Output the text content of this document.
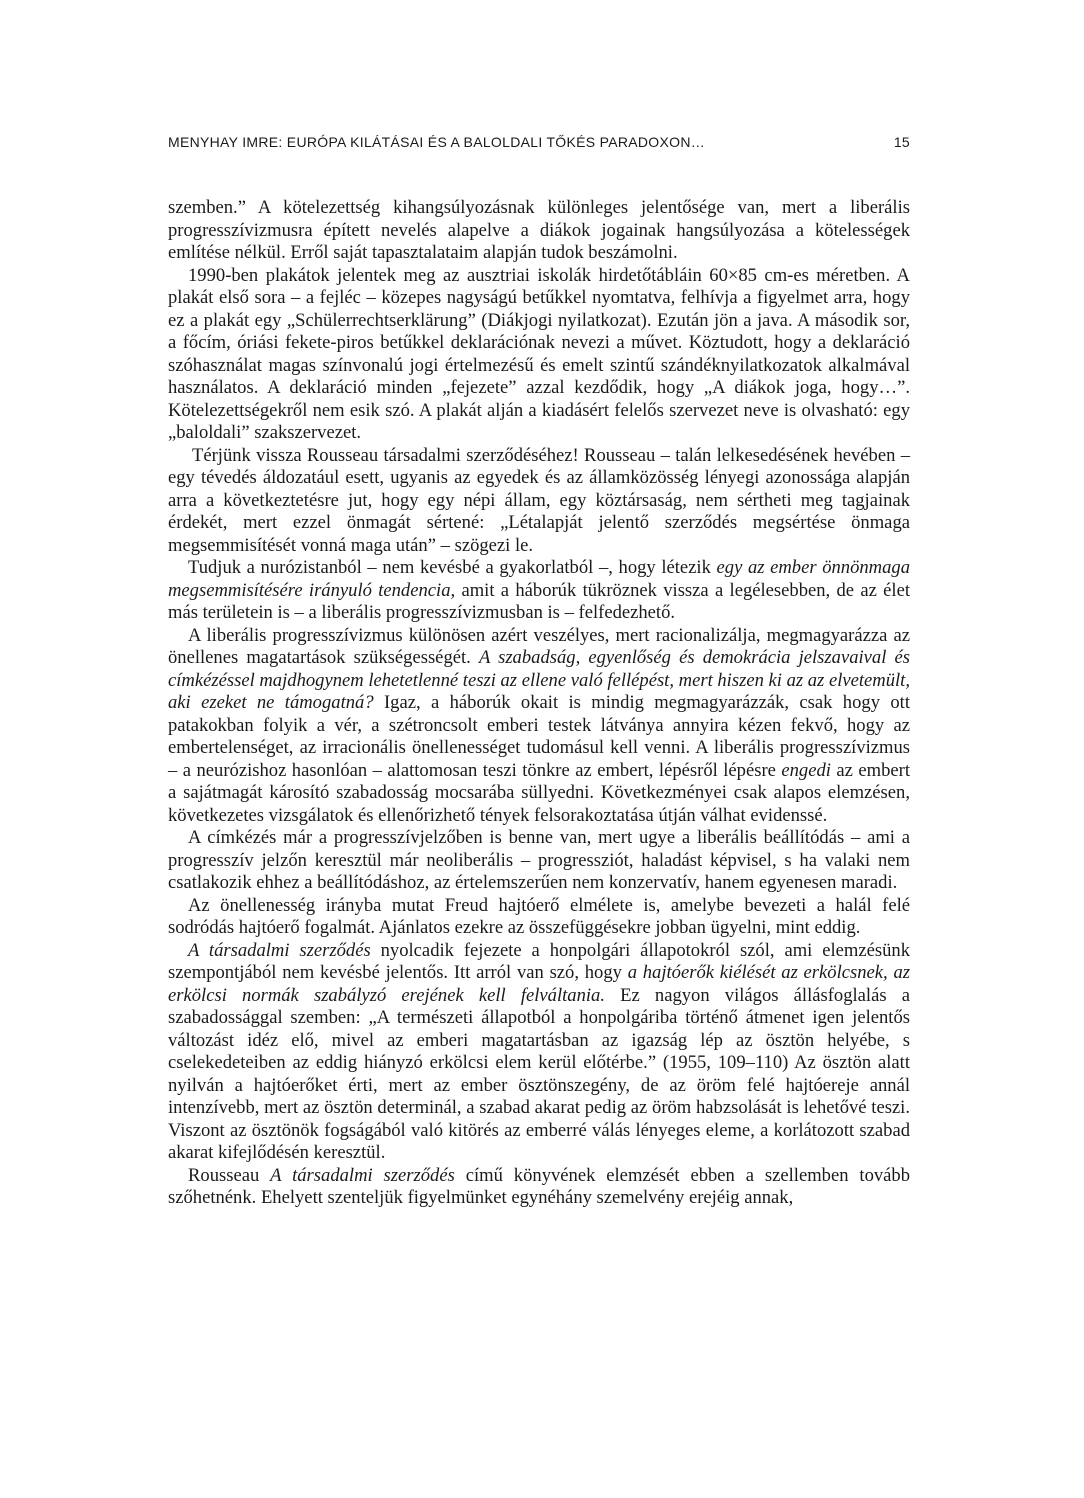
MENYHAY IMRE: EURÓPA KILÁTÁSAI ÉS A BALOLDALI TŐKÉS PARADOXON…	15

szemben.” A kötelezettség kihangsúlyozásnak különleges jelentősége van, mert a liberális progresszívizmusra épített nevelés alapelve a diákok jogainak hangsúlyozása a kötelességek említése nélkül. Erről saját tapasztalataim alapján tudok beszámolni.

1990-ben plakátok jelentek meg az ausztriai iskolák hirdetőtábláin 60×85 cm-es méretben. A plakát első sora – a fejléc – közepes nagyságú betűkkel nyomtatva, felhívja a figyelmet arra, hogy ez a plakát egy „Schülerrechtserklärung” (Diákjogi nyilatkozat). Ezután jön a java. A második sor, a főcím, óriási fekete-piros betűkkel deklarációnak nevezi a művet. Köztudott, hogy a deklaráció szóhasználat magas színvonalú jogi értelmezésű és emelt szintű szándéknyilatkozatok alkalmával használatos. A deklaráció minden „fejezete” azzal kezdődik, hogy „A diákok joga, hogy…”. Kötelezettségekről nem esik szó. A plakát alján a kiadásért felelős szervezet neve is olvasható: egy „baloldali” szakszervezet.

Térjünk vissza Rousseau társadalmi szerződéséhez! Rousseau – talán lelkesedésének hevében – egy tévedés áldozatául esett, ugyanis az egyedek és az államközösség lényegi azonossága alapján arra a következtetésre jut, hogy egy népi állam, egy köztársaság, nem sértheti meg tagjainak érdekét, mert ezzel önmagát sértené: „Létalapját jelentő szerződés megsértése önmaga megsemmisítését vonná maga után” – szögezi le.

Tudjuk a nurózistanból – nem kevésbé a gyakorlatból –, hogy létezik egy az ember önnönmaga megsemmisítésére irányuló tendencia, amit a háborúk tükröznek vissza a legélesebben, de az élet más területein is – a liberális progresszívizmusban is – felfedezhető.

A liberális progresszívizmus különösen azért veszélyes, mert racionalizálja, megmagyarázza az önellenes magatartások szükségességét. A szabadság, egyenlőség és demokrácia jelszavaival és címkézéssel majdhogynem lehetetlenné teszi az ellene való fellépést, mert hiszen ki az az elvetemült, aki ezeket ne támogatná? Igaz, a háborúk okait is mindig megmagyarázzák, csak hogy ott patakokban folyik a vér, a szétroncsolt emberi testek látványa annyira kézen fekvő, hogy az embertelenséget, az irracionális önellenességet tudomásul kell venni. A liberális progresszívizmus – a neurózishoz hasonlóan – alattomosan teszi tönkre az embert, lépésről lépésre engedi az embert a sajátmagát károsító szabadosság mocsarába süllyedni. Következményei csak alapos elemzésen, következetes vizsgálatok és ellenőrizhető tények felsorakoztatása útján válhat evidenssé.

A címkézés már a progresszívjelzőben is benne van, mert ugye a liberális beállítódás – ami a progresszív jelzőn keresztül már neoliberális – progressziót, haladást képvisel, s ha valaki nem csatlakozik ehhez a beállítódáshoz, az értelemszerűen nem konzervatív, hanem egyenesen maradi.

Az önellenesség irányba mutat Freud hajtóerő elmélete is, amelybe bevezeti a halál felé sodródás hajtóerő fogalmát. Ajánlatos ezekre az összefüggésekre jobban ügyelni, mint eddig.

A társadalmi szerződés nyolcadik fejezete a honpolgári állapotokról szól, ami elemzésünk szempontjából nem kevésbé jelentős. Itt arról van szó, hogy a hajtóerők kiélését az erkölcsnek, az erkölcsi normák szabályzó erejének kell felváltania. Ez nagyon világos állásfoglalás a szabadossággal szemben: „A természeti állapotból a honpolgáriba történő átmenet igen jelentős változást idéz elő, mivel az emberi magatartásban az igazság lép az ösztön helyébe, s cselekedeteiben az eddig hiányzó erkölcsi elem kerül előtérbe.” (1955, 109–110) Az ösztön alatt nyilván a hajtóerőket érti, mert az ember ösztönszegény, de az öröm felé hajtóereje annál intenzívebb, mert az ösztön determinál, a szabad akarat pedig az öröm habzsolását is lehetővé teszi. Viszont az ösztönök fogságából való kitörés az emberré válás lényeges eleme, a korlátozott szabad akarat kifejlődésén keresztül.

Rousseau A társadalmi szerződés című könyvének elemzését ebben a szellemben tovább szőhetnénk. Ehelyett szenteljük figyelmünket egynéhány szemelvény erejéig annak,
